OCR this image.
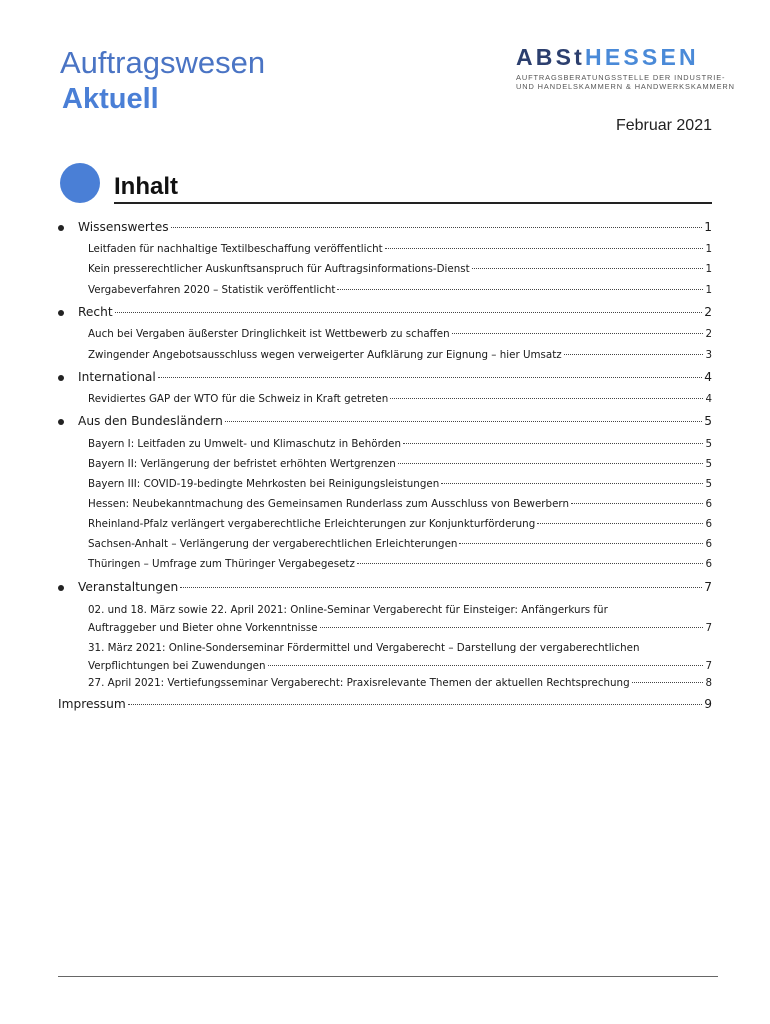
Auftragswesen
Aktuell
ABStHESSEN
AUFTRAGSBERATUNGSSTELLE DER INDUSTRIE-
UND HANDELSKAMMERN & HANDWERKSKAMMERN
Februar 2021
Inhalt
Wissenswertes	1
Leitfaden für nachhaltige Textilbeschaffung veröffentlicht	1
Kein presserechtlicher Auskunftsanspruch für Auftragsinformations-Dienst	1
Vergabeverfahren 2020 – Statistik veröffentlicht	1
Recht	2
Auch bei Vergaben äußerster Dringlichkeit ist Wettbewerb zu schaffen	2
Zwingender Angebotsausschluss wegen verweigerter Aufklärung zur Eignung – hier Umsatz	3
International	4
Revidiertes GAP der WTO für die Schweiz in Kraft getreten	4
Aus den Bundesländern	5
Bayern I: Leitfaden zu Umwelt- und Klimaschutz in Behörden	5
Bayern II: Verlängerung der befristet erhöhten Wertgrenzen	5
Bayern III: COVID-19-bedingte Mehrkosten bei Reinigungsleistungen	5
Hessen: Neubekanntmachung des Gemeinsamen Runderlass zum Ausschluss von Bewerbern	6
Rheinland-Pfalz verlängert vergaberechtliche Erleichterungen zur Konjunkturförderung	6
Sachsen-Anhalt – Verlängerung der vergaberechtlichen Erleichterungen	6
Thüringen – Umfrage zum Thüringer Vergabegesetz	6
Veranstaltungen	7
02. und 18. März sowie 22. April 2021: Online-Seminar Vergaberecht für Einsteiger: Anfängerkurs für
Auftraggeber und Bieter ohne Vorkenntnisse	7
31. März 2021: Online-Sonderseminar Fördermittel und Vergaberecht – Darstellung der vergaberechtlichen
Verpflichtungen bei Zuwendungen	7
27. April 2021: Vertiefungsseminar Vergaberecht: Praxisrelevante Themen der aktuellen Rechtsprechung	8
Impressum	9
